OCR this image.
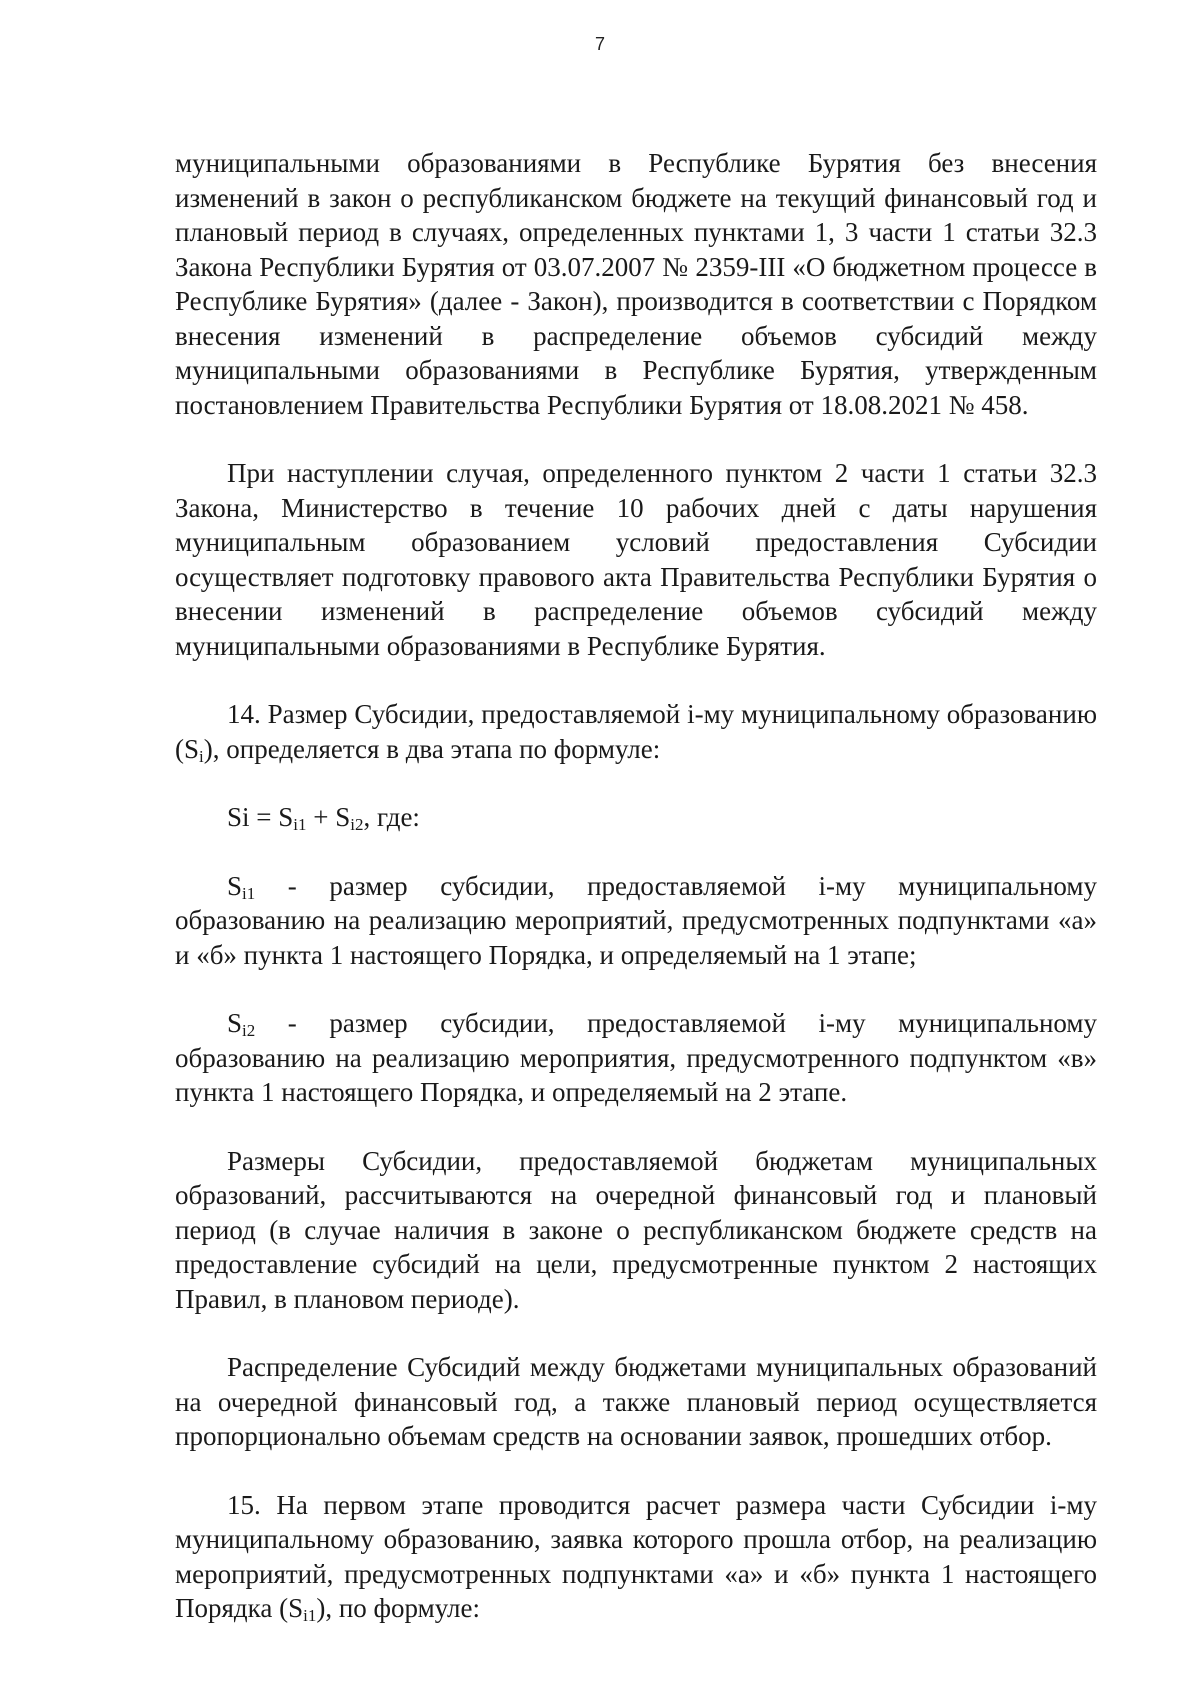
7

муниципальными образованиями в Республике Бурятия без внесения изменений в закон о республиканском бюджете на текущий финансовый год и плановый период в случаях, определенных пунктами 1, 3 части 1 статьи 32.3 Закона Республики Бурятия от 03.07.2007 № 2359-III «О бюджетном процессе в Республике Бурятия» (далее - Закон), производится в соответствии с Порядком внесения изменений в распределение объемов субсидий между муниципальными образованиями в Республике Бурятия, утвержденным постановлением Правительства Республики Бурятия от 18.08.2021 № 458.

При наступлении случая, определенного пунктом 2 части 1 статьи 32.3 Закона, Министерство в течение 10 рабочих дней с даты нарушения муниципальным образованием условий предоставления Субсидии осуществляет подготовку правового акта Правительства Республики Бурятия о внесении изменений в распределение объемов субсидий между муниципальными образованиями в Республике Бурятия.

14. Размер Субсидии, предоставляемой i-му муниципальному образованию $(S_i)$, определяется в два этапа по формуле:

$Si = S_{i1} + S_{i2}$, где:

$S_{i1}$ - размер субсидии, предоставляемой i-му муниципальному образованию на реализацию мероприятий, предусмотренных подпунктами «а» и «б» пункта 1 настоящего Порядка, и определяемый на 1 этапе;

$S_{i2}$ - размер субсидии, предоставляемой i-му муниципальному образованию на реализацию мероприятия, предусмотренного подпунктом «в» пункта 1 настоящего Порядка, и определяемый на 2 этапе.

Размеры Субсидии, предоставляемой бюджетам муниципальных образований, рассчитываются на очередной финансовый год и плановый период (в случае наличия в законе о республиканском бюджете средств на предоставление субсидий на цели, предусмотренные пунктом 2 настоящих Правил, в плановом периоде).

Распределение Субсидий между бюджетами муниципальных образований на очередной финансовый год, а также плановый период осуществляется пропорционально объемам средств на основании заявок, прошедших отбор.

15. На первом этапе проводится расчет размера части Субсидии i-му муниципальному образованию, заявка которого прошла отбор, на реализацию мероприятий, предусмотренных подпунктами «а» и «б» пункта 1 настоящего Порядка $(S_{i1})$, по формуле:
